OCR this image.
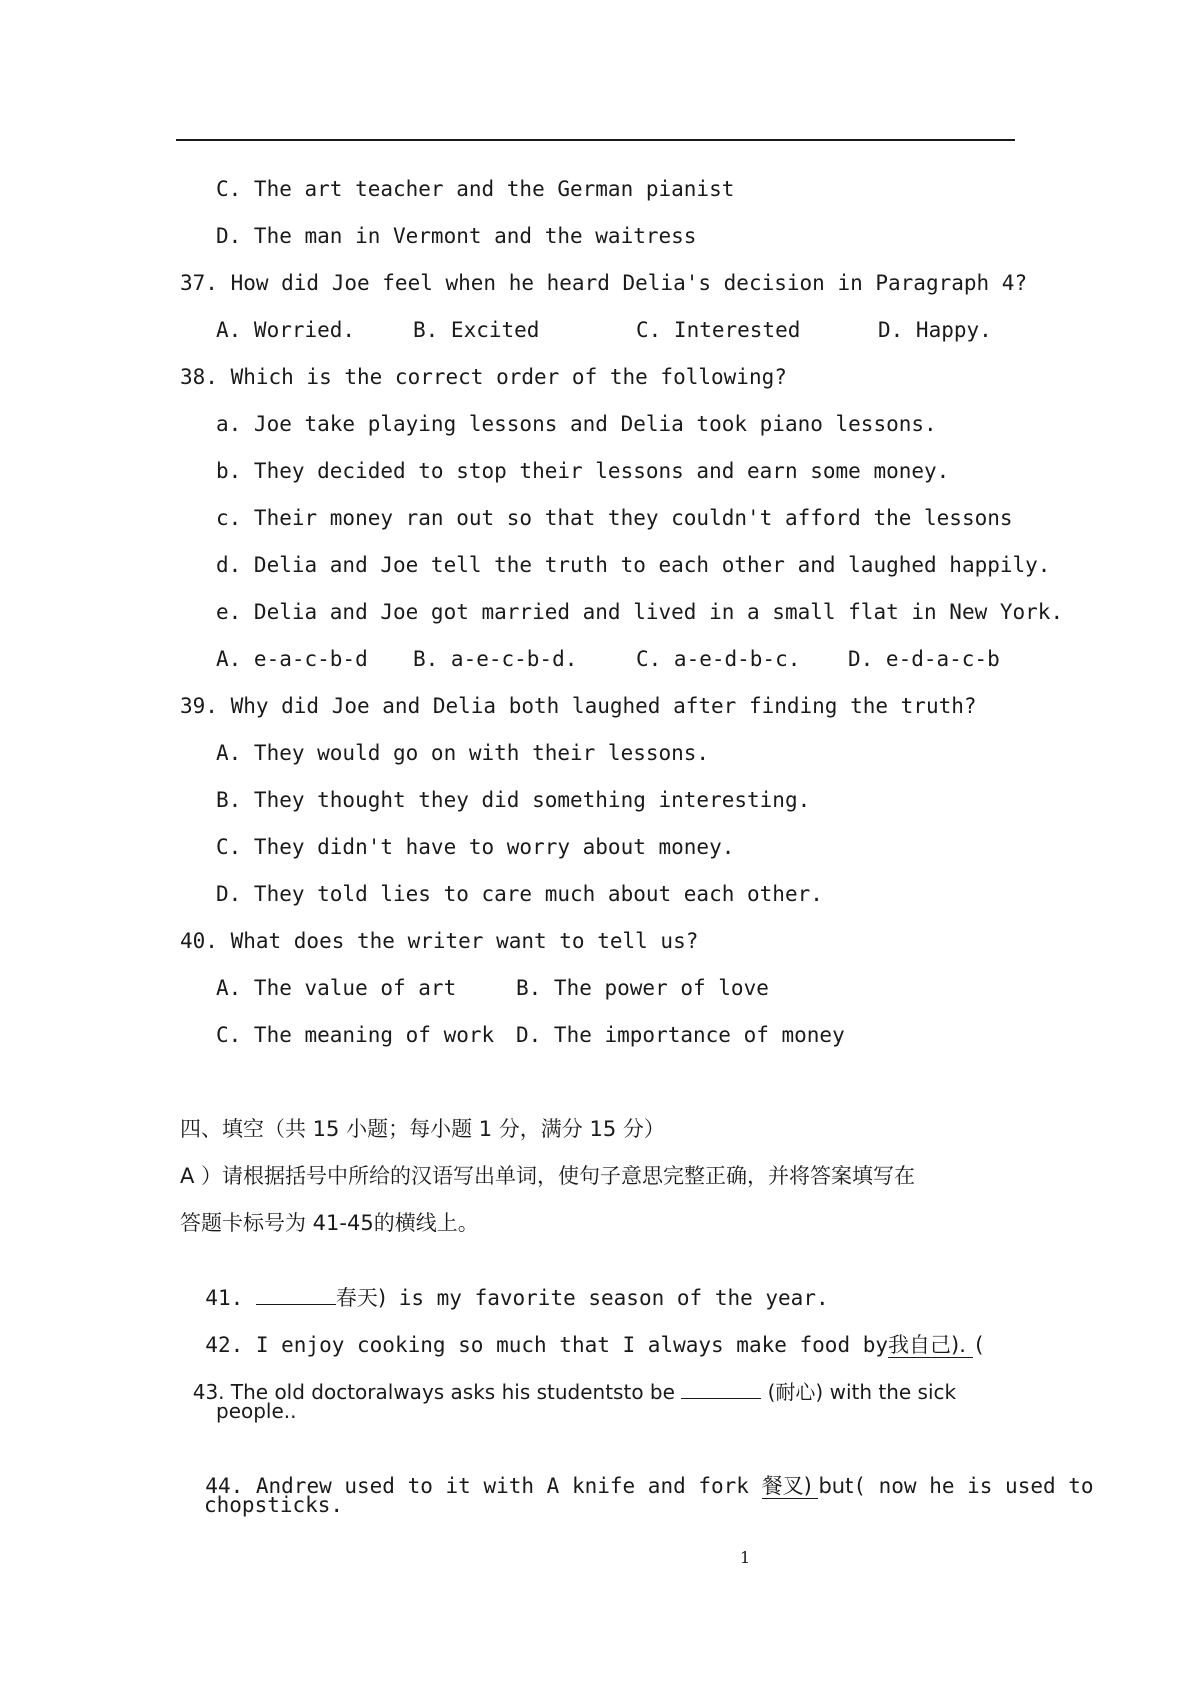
C. The art teacher and the German pianist
D. The man in Vermont and the waitress
37. How did Joe feel when he heard Delia's decision in Paragraph 4?
A. Worried.	B. Excited	C. Interested	D. Happy.
38. Which is the correct order of the following?
a. Joe take playing lessons and Delia took piano lessons.
b. They decided to stop their lessons and earn some money.
c. Their money ran out so that they couldn't afford the lessons
d. Delia and Joe tell the truth to each other and laughed happily.
e. Delia and Joe got married and lived in a small flat in New York.
A. e-a-c-b-d B. a-e-c-b-d.	C. a-e-d-b-c. D. e-d-a-c-b
39. Why did Joe and Delia both laughed after finding the truth?
A. They would go on with their lessons.
B. They thought they did something interesting.
C. They didn't have to worry about money.
D. They told lies to care much about each other.
40. What does the writer want to tell us?
A. The value of art	B. The power of love
C. The meaning of work D. The importance of money
四、填空（共 15 小题；每小题 1 分，满分 15 分）
A ）请根据括号中所给的汉语写出单词，使句子意思完整正确，并将答案填写在
答题卡标号为 41-45的横线上。

41.	春天) is my favorite season of the year.

42. I enjoy cooking so much that I always make food by我自己). (

43. The old doctoralways asks his studentsto be	(耐心) with the sick

people..

44. Andrew used to it with A knife and fork 餐叉) but( now he is used to

chopsticks.
1
